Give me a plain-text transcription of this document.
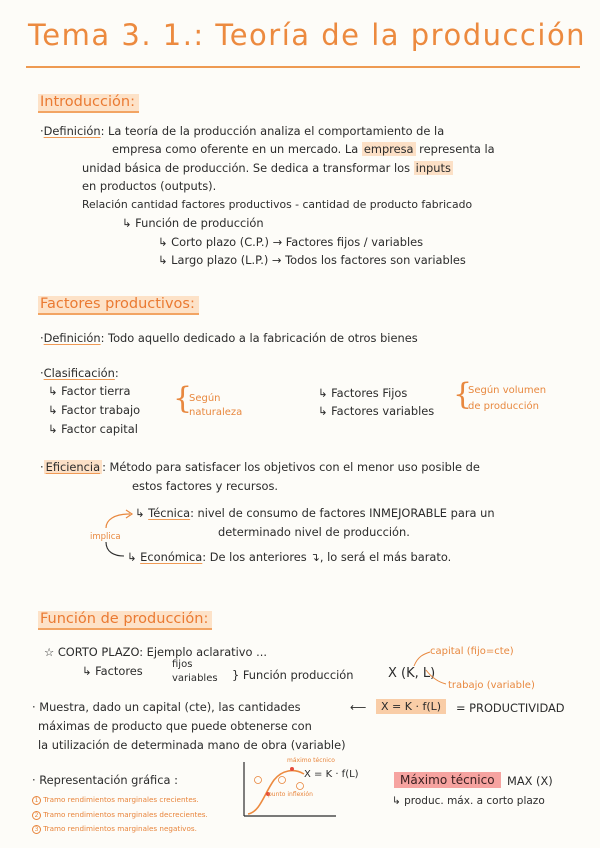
Tema 3. 1.: Teoría de la producción
Introducción:
·Definición: La teoría de la producción analiza el comportamiento de la
empresa como oferente en un mercado. La empresa representa la
unidad básica de producción. Se dedica a transformar los inputs
en productos (outputs).
Relación cantidad factores productivos - cantidad de producto fabricado
↳ Función de producción
↳ Corto plazo (C.P.) → Factores fijos / variables
↳ Largo plazo (L.P.) → Todos los factores son variables
Factores productivos:
·Definición: Todo aquello dedicado a la fabricación de otros bienes
·Clasificación:
↳ Factor tierra
↳ Factor trabajo
↳ Factor capital
{
Según
naturaleza
↳ Factores Fijos
↳ Factores variables {
Según volumen
de producción
· Eficiencia : Método para satisfacer los objetivos con el menor uso posible de
estos factores y recursos.
implica
↳ Técnica: nivel de consumo de factores INMEJORABLE para un
determinado nivel de producción.
↳ Económica: De los anteriores ↴, lo será el más barato.
Función de producción:
☆ CORTO PLAZO: Ejemplo aclarativo ...
↳ Factores	fijos
variables } Función producción	X (K, L)
capital (fijo=cte)
trabajo (variable)
· Muestra, dado un capital (cte), las cantidades
máximas de producto que puede obtenerse con
la utilización de determinada mano de obra (variable)
⟵	X = K · f(L)	= PRODUCTIVIDAD
· Representación gráfica :
1 Tramo rendimientos marginales crecientes.
2 Tramo rendimientos marginales decrecientes.
3 Tramo rendimientos marginales negativos.
máximo técnico
punto inflexión
X = K · f(L)	Máximo técnico	MAX (X)
↳ produc. máx. a corto plazo
